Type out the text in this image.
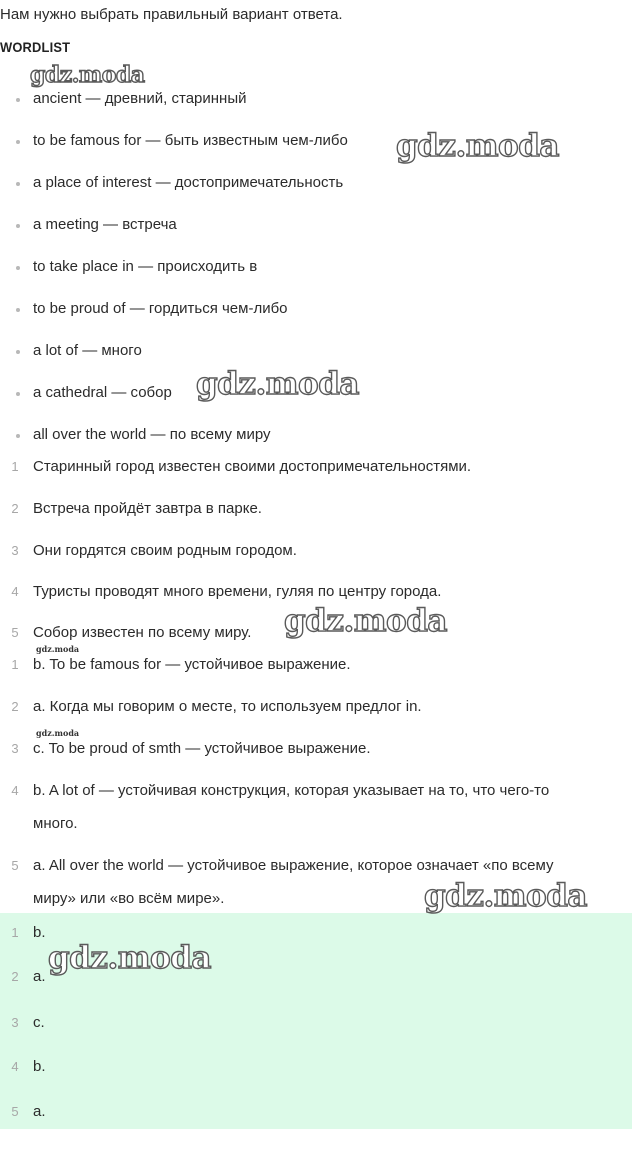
Нам нужно выбрать правильный вариант ответа.
WORDLIST
ancient — древний, старинный
to be famous for — быть известным чем-либо
a place of interest — достопримечательность
a meeting — встреча
to take place in — происходить в
to be proud of — гордиться чем-либо
a lot of — много
a cathedral — собор
all over the world — по всему миру
1 Старинный город известен своими достопримечательностями.
2 Встреча пройдёт завтра в парке.
3 Они гордятся своим родным городом.
4 Туристы проводят много времени, гуляя по центру города.
5 Собор известен по всему миру.
1 b. To be famous for — устойчивое выражение.
2 a. Когда мы говорим о месте, то используем предлог in.
3 c. To be proud of smth — устойчивое выражение.
4 b. A lot of — устойчивая конструкция, которая указывает на то, что чего-то
много.
5 a. All over the world — устойчивое выражение, которое означает «по всему
миру» или «во всём мире».
1 b.
2 a.
3 c.
4 b.
5 a.
gdz.moda
gdz.moda
gdz.moda
gdz.moda
gdz.moda
gdz.moda
gdz.moda
gdz.moda
